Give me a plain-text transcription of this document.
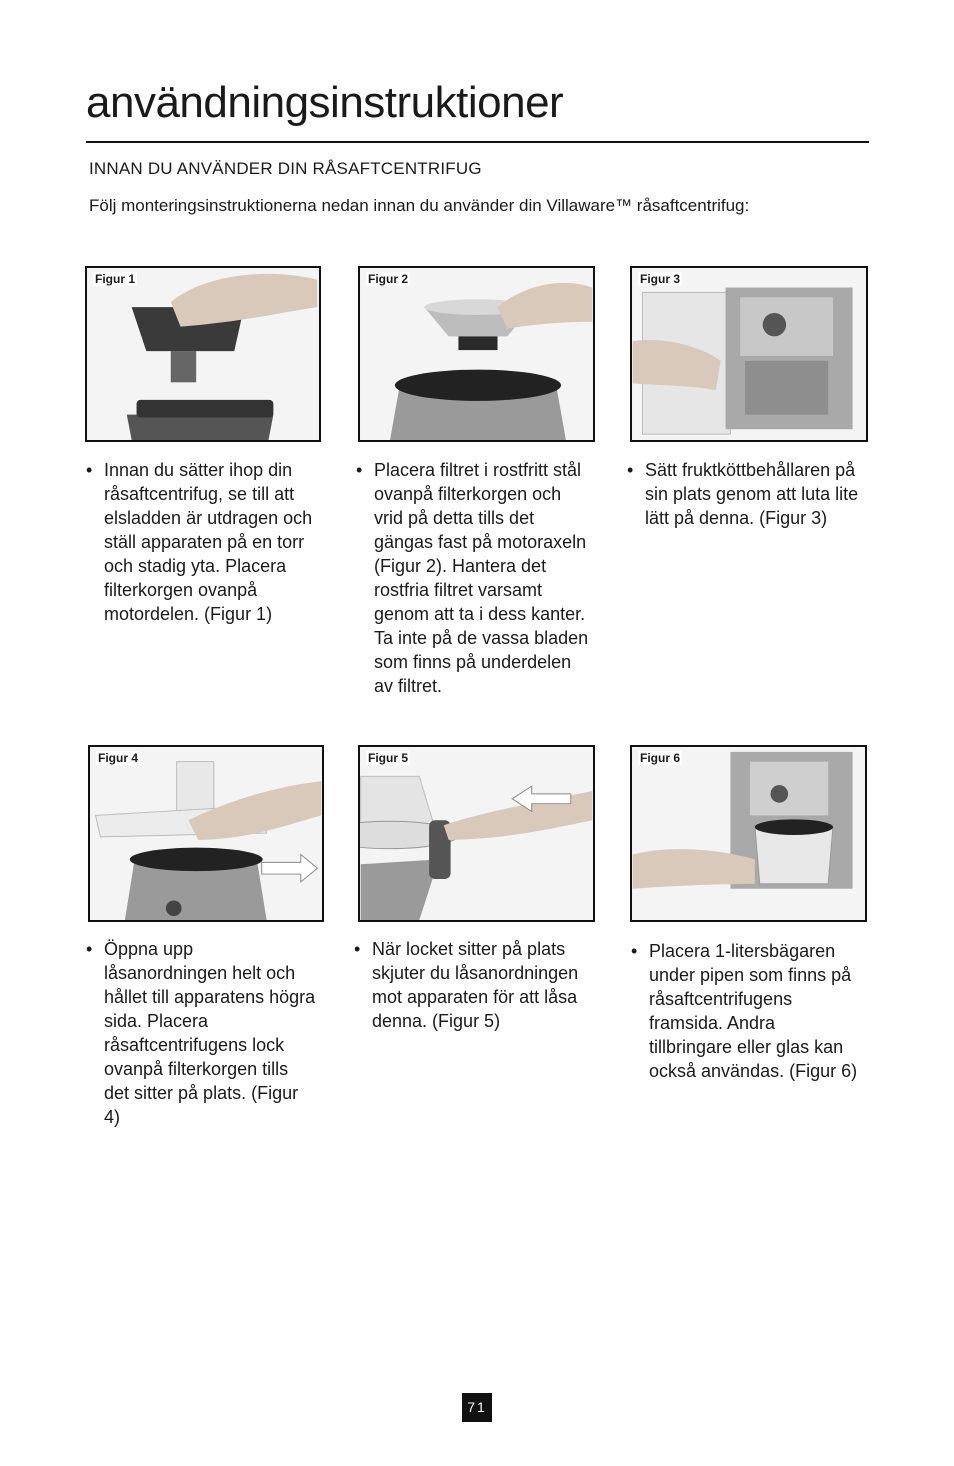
användningsinstruktioner
INNAN DU ANVÄNDER DIN RÅSAFTCENTRIFUG
Följ monteringsinstruktionerna nedan innan du använder din Villaware™ råsaftcentrifug:
Figur 1	Figur 2	Figur 3
• Innan du sätter ihop din råsaftcentrifug, se till att elsladden är utdragen och ställ apparaten på en torr och stadig yta. Placera filterkorgen ovanpå motordelen. (Figur 1)
• Placera filtret i rostfritt stål ovanpå filterkorgen och vrid på detta tills det gängas fast på motoraxeln (Figur 2). Hantera det rostfria filtret varsamt genom att ta i dess kanter. Ta inte på de vassa bladen som finns på underdelen av filtret.
• Sätt fruktköttbehållaren på sin plats genom att luta lite lätt på denna. (Figur 3)
Figur 4	Figur 5	Figur 6
• Öppna upp låsanordningen helt och hållet till apparatens högra sida. Placera råsaftcentrifugens lock ovanpå filterkorgen tills det sitter på plats. (Figur 4)
• När locket sitter på plats skjuter du låsanordningen mot apparaten för att låsa denna. (Figur 5)
• Placera 1-litersbägaren under pipen som finns på råsaftcentrifugens framsida. Andra tillbringare eller glas kan också användas. (Figur 6)
71
